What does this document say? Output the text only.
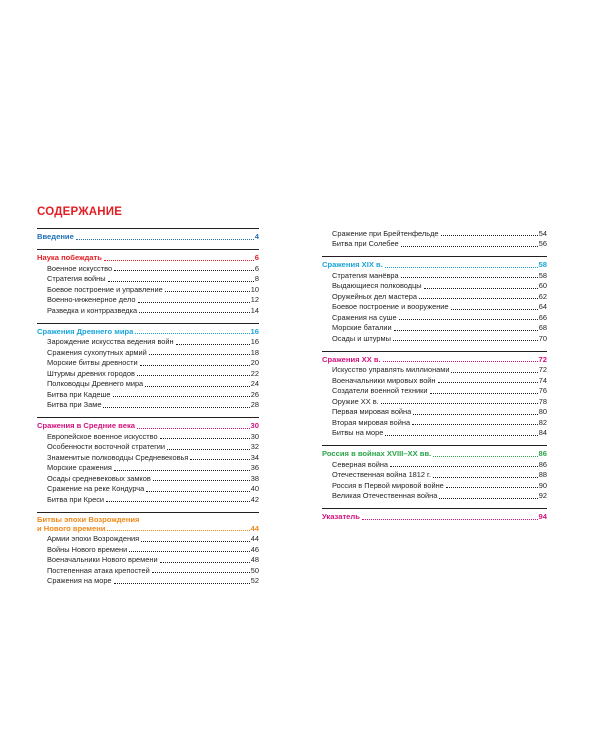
СОДЕРЖАНИЕ
Введение	4
Наука побеждать	6
Военное искусство	6
Стратегия войны	8
Боевое построение и управление	10
Военно-инженерное дело	12
Разведка и контрразведка	14
Сражения Древнего мира	16
Зарождение искусства ведения войн	16
Сражения сухопутных армий	18
Морские битвы древности	20
Штурмы древних городов	22
Полководцы Древнего мира	24
Битва при Кадеше	26
Битва при Заме	28
Сражения в Средние века	30
Европейское военное искусство	30
Особенности восточной стратегии	32
Знаменитые полководцы Средневековья	34
Морские сражения	36
Осады средневековых замков	38
Сражение на реке Кондурча	40
Битва при Креси	42
Битвы эпохи Возрождения
и Нового времени	44
Армии эпохи Возрождения	44
Войны Нового времени	46
Военачальники Нового времени	48
Постепенная атака крепостей	50
Сражения на море	52
Сражение при Брейтенфельде	54
Битва при Солебее	56
Сражения XIX в.	58
Стратегия манёвра	58
Выдающиеся полководцы	60
Оружейных дел мастера	62
Боевое построение и вооружение	64
Сражения на суше	66
Морские баталии	68
Осады и штурмы	70
Сражения XX в.	72
Искусство управлять миллионами	72
Военачальники мировых войн	74
Создатели военной техники	76
Оружие XX в.	78
Первая мировая война	80
Вторая мировая война	82
Битвы на море	84
Россия в войнах XVIII–XX вв.	86
Северная война	86
Отечественная война 1812 г.	88
Россия в Первой мировой войне	90
Великая Отечественная война	92
Указатель	94
